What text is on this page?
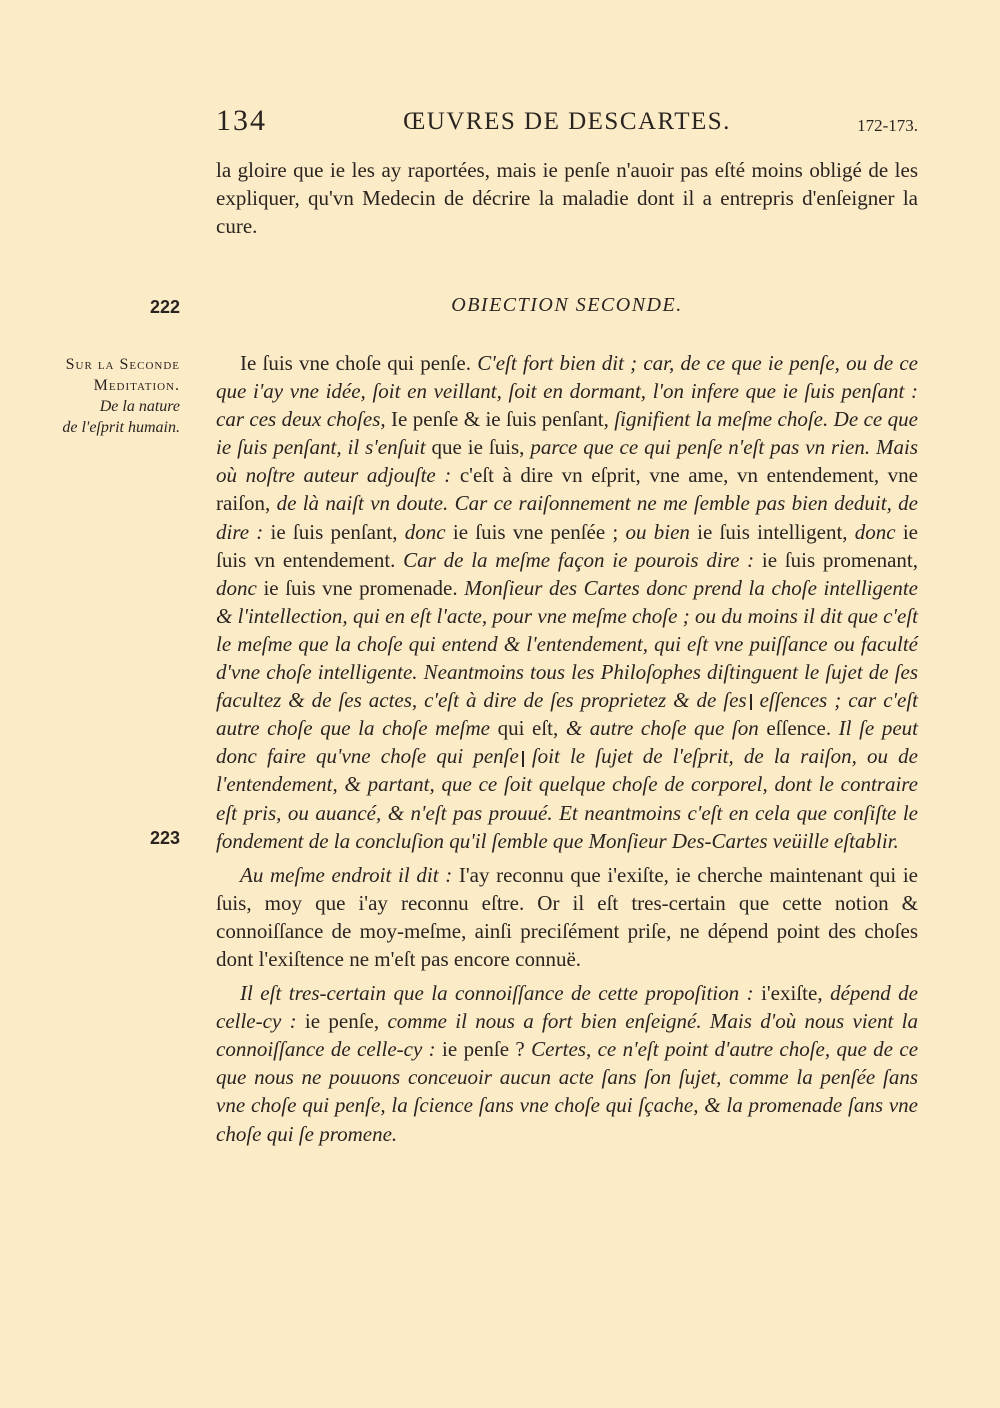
134	ŒUVRES DE DESCARTES.	172-173.
la gloire que ie les ay raportées, mais ie penſe n'auoir pas eſté moins obligé de les expliquer, qu'vn Medecin de décrire la maladie dont il a entrepris d'enſeigner la cure.
222	OBIECTION SECONDE.
Sur la Seconde
Meditation.
De la nature
de l'eſprit humain.
223

Ie ſuis vne choſe qui penſe. C'eſt fort bien dit ; car, de ce que ie penſe, ou de ce que i'ay vne idée, ſoit en veillant, ſoit en dormant, l'on infere que ie ſuis penſant : car ces deux choſes, Ie penſe & ie ſuis penſant, ſignifient la meſme choſe. De ce que ie ſuis penſant, il s'enſuit que ie ſuis, parce que ce qui penſe n'eſt pas vn rien. Mais où noſtre auteur adjouſte : c'eſt à dire vn eſprit, vne ame, vn entendement, vne raiſon, de là naiſt vn doute. Car ce raiſonnement ne me ſemble pas bien deduit, de dire : ie ſuis penſant, donc ie ſuis vne penſée ; ou bien ie ſuis intelligent, donc ie ſuis vn entendement. Car de la meſme façon ie pourois dire : ie ſuis promenant, donc ie ſuis vne promenade. Monſieur des Cartes donc prend la choſe intelligente & l'intellection, qui en eſt l'acte, pour vne meſme choſe ; ou du moins il dit que c'eſt le meſme que la choſe qui entend & l'entendement, qui eſt vne puiſſance ou faculté d'vne choſe intelligente. Neantmoins tous les Philoſophes diſtinguent le ſujet de ſes facultez & de ſes actes, c'eſt à dire de ſes proprietez & de ſes eſſences ; car c'eſt autre choſe que la choſe meſme qui eſt, & autre choſe que ſon eſſence. Il ſe peut donc faire qu'vne choſe qui penſe ſoit le ſujet de l'eſprit, de la raiſon, ou de l'entendement, & partant, que ce ſoit quelque choſe de corporel, dont le contraire eſt pris, ou auancé, & n'eſt pas prouué. Et neantmoins c'eſt en cela que conſiſte le fondement de la concluſion qu'il ſemble que Monſieur Des-Cartes veüille eſtablir.

Au meſme endroit il dit : I'ay reconnu que i'exiſte, ie cherche maintenant qui ie ſuis, moy que i'ay reconnu eſtre. Or il eſt tres-certain que cette notion & connoiſſance de moy-meſme, ainſi preciſément priſe, ne dépend point des choſes dont l'exiſtence ne m'eſt pas encore connuë.

Il eſt tres-certain que la connoiſſance de cette propoſition : i'exiſte, dépend de celle-cy : ie penſe, comme il nous a fort bien enſeigné. Mais d'où nous vient la connoiſſance de celle-cy : ie penſe ? Certes, ce n'eſt point d'autre choſe, que de ce que nous ne pouuons conceuoir aucun acte ſans ſon ſujet, comme la penſée ſans vne choſe qui penſe, la ſcience ſans vne choſe qui ſçache, & la promenade ſans vne choſe qui ſe promene.
